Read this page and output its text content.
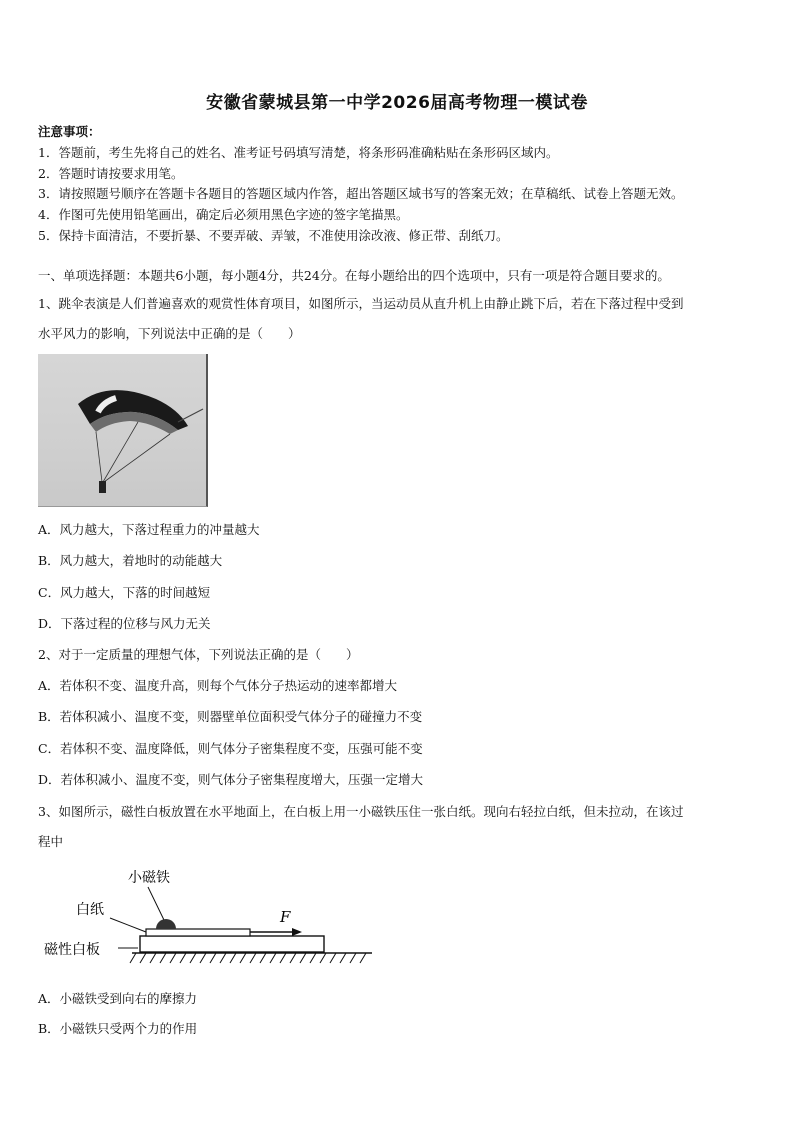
安徽省蒙城县第一中学2026届高考物理一模试卷
注意事项：
1．答题前，考生先将自己的姓名、准考证号码填写清楚，将条形码准确粘贴在条形码区域内。
2．答题时请按要求用笔。
3．请按照题号顺序在答题卡各题目的答题区域内作答，超出答题区域书写的答案无效；在草稿纸、试卷上答题无效。
4．作图可先使用铅笔画出，确定后必须用黑色字迹的签字笔描黑。
5．保持卡面清洁，不要折暴、不要弄破、弄皱，不准使用涂改液、修正带、刮纸刀。
一、单项选择题：本题共6小题，每小题4分，共24分。在每小题给出的四个选项中，只有一项是符合题目要求的。
1、跳伞表演是人们普遍喜欢的观赏性体育项目，如图所示，当运动员从直升机上由静止跳下后，若在下落过程中受到
水平风力的影响，下列说法中正确的是（　　）
A．风力越大，下落过程重力的冲量越大
B．风力越大，着地时的动能越大
C．风力越大，下落的时间越短
D．下落过程的位移与风力无关
2、对于一定质量的理想气体，下列说法正确的是（　　）
A．若体积不变、温度升高，则每个气体分子热运动的速率都增大
B．若体积减小、温度不变，则器壁单位面积受气体分子的碰撞力不变
C．若体积不变、温度降低，则气体分子密集程度不变，压强可能不变
D．若体积减小、温度不变，则气体分子密集程度增大，压强一定增大
3、如图所示，磁性白板放置在水平地面上，在白板上用一小磁铁压住一张白纸。现向右轻拉白纸，但未拉动，在该过
程中
小磁铁
白纸
磁性白板
F
A．小磁铁受到向右的摩擦力
B．小磁铁只受两个力的作用
